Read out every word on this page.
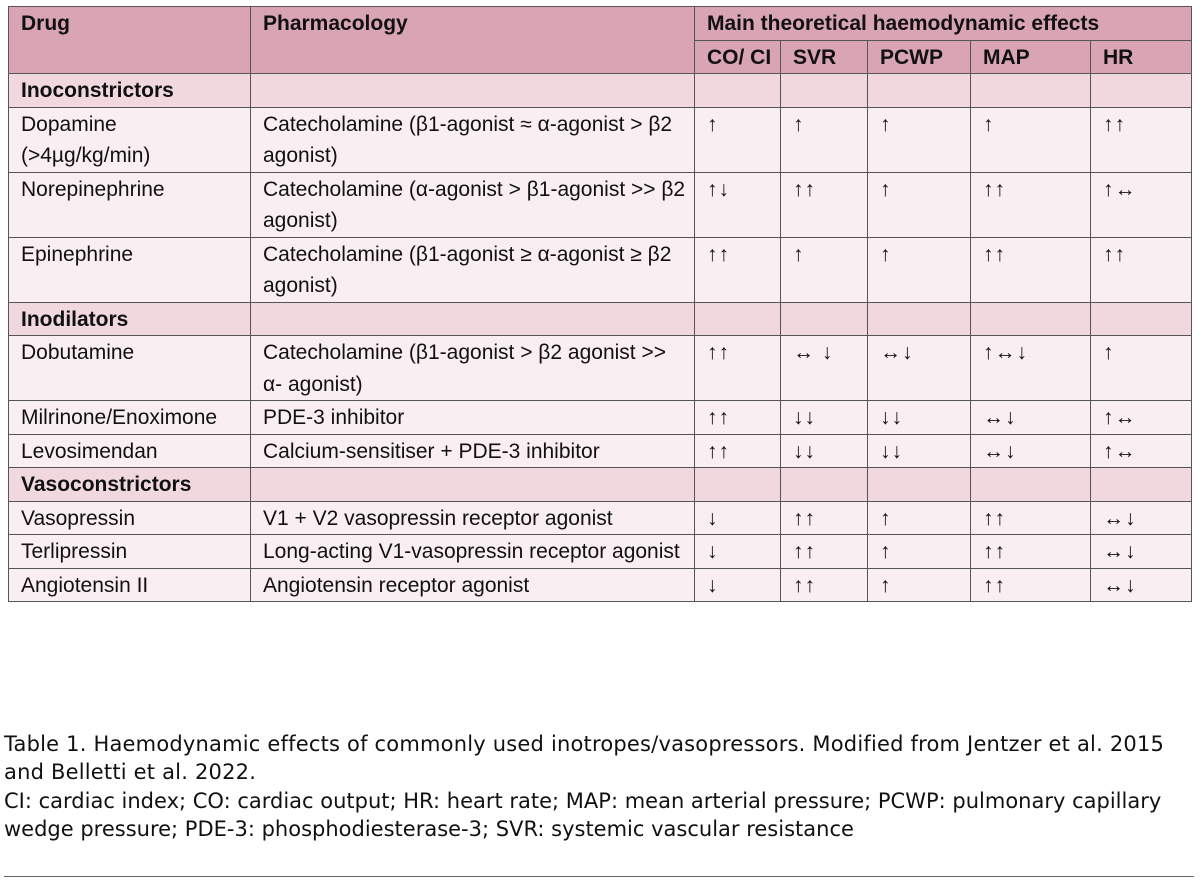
Drug	Pharmacology	Main theoretical haemodynamic effects				
		CO/ CI	SVR	PCWP	MAP	HR
Inoconstrictors						
Dopamine (>4µg/kg/min)	Catecholamine (β1-agonist ≈ α-agonist > β2 agonist)	↑	↑	↑	↑	↑↑
Norepinephrine	Catecholamine (α-agonist > β1-agonist >> β2 agonist)	↑↓	↑↑	↑	↑↑	↑↔
Epinephrine	Catecholamine (β1-agonist ≥ α-agonist ≥ β2 agonist)	↑↑	↑	↑	↑↑	↑↑
Inodilators						
Dobutamine	Catecholamine (β1-agonist > β2 agonist >> α- agonist)	↑↑	↔ ↓	↔↓	↑↔↓	↑
Milrinone/Enoximone	PDE-3 inhibitor	↑↑	↓↓	↓↓	↔↓	↑↔
Levosimendan	Calcium-sensitiser + PDE-3 inhibitor	↑↑	↓↓	↓↓	↔↓	↑↔
Vasoconstrictors						
Vasopressin	V1 + V2 vasopressin receptor agonist	↓	↑↑	↑	↑↑	↔↓
Terlipressin	Long-acting V1-vasopressin receptor agonist	↓	↑↑	↑	↑↑	↔↓
Angiotensin II	Angiotensin receptor agonist	↓	↑↑	↑	↑↑	↔↓
Table 1. Haemodynamic effects of commonly used inotropes/vasopressors. Modified from Jentzer et al. 2015 and Belletti et al. 2022.
CI: cardiac index; CO: cardiac output; HR: heart rate; MAP: mean arterial pressure; PCWP: pulmonary capillary wedge pressure; PDE-3: phosphodiesterase-3; SVR: systemic vascular resistance
